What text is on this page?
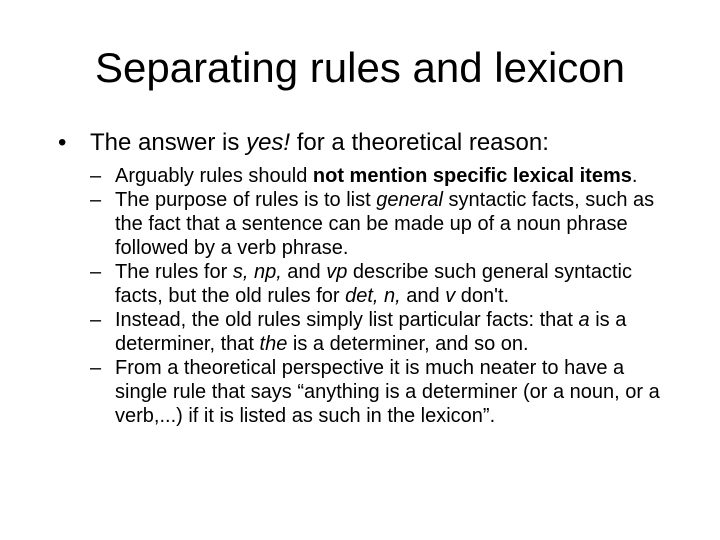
Separating rules and lexicon
• The answer is yes! for a theoretical reason:
– Arguably rules should not mention specific lexical items.
– The purpose of rules is to list general syntactic facts, such as the fact that a sentence can be made up of a noun phrase followed by a verb phrase.
– The rules for s, np, and vp describe such general syntactic facts, but the old rules for det, n, and v don't.
– Instead, the old rules simply list particular facts: that a is a determiner, that the is a determiner, and so on.
– From a theoretical perspective it is much neater to have a single rule that says “anything is a determiner (or a noun, or a verb,...) if it is listed as such in the lexicon”.
